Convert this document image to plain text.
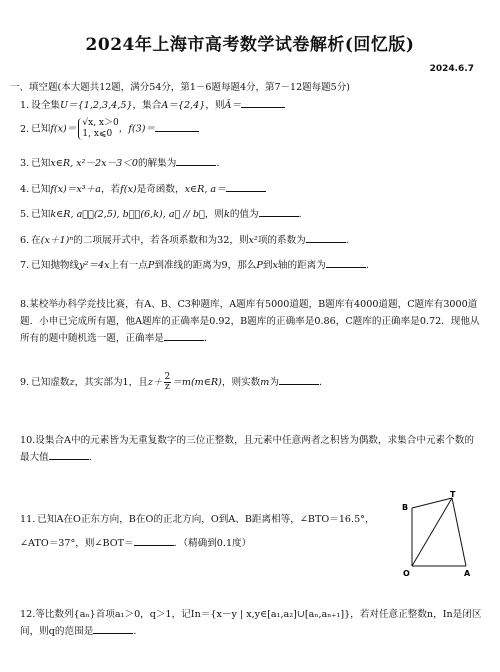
2024年上海市高考数学试卷解析(回忆版)
2024.6.7
一、填空题(本大题共12题，满分54分，第1－6题每题4分，第7－12题每题5分)
1. 设全集U＝{1,2,3,4,5}，集合A＝{2,4}，则Ā＝
2. 已知f(x)＝
√x, x＞0
1, x⩽0 ，f(3)＝
3. 已知x∈R, x²－2x－3＜0的解集为	．
4. 已知f(x)＝x³＋a，若f(x)是奇函数，x∈R, a＝
5. 已知k∈R, a⃗＝(2,5), b⃗＝(6,k), a⃗ // b⃗，则k的值为	．
6. 在(x＋1)ⁿ的二项展开式中，若各项系数和为32，则x²项的系数为	．
7. 已知抛物线y²＝4x上有一点P到准线的距离为9，那么P到x轴的距离为	．
8.某校举办科学竞技比赛，有A、B、C3种题库，A题库有5000道题，B题库有4000道题，C题库有3000道题．小申已完成所有题，他A题库的正确率是0.92，B题库的正确率是0.86，C题库的正确率是0.72．现他从所有的题中随机选一题，正确率是	．
9. 已知虚数z，其实部为1，且$z+ \frac{2}{z}$ ＝m(m∈R)，则实数m为	．
10.设集合A中的元素皆为无重复数字的三位正整数，且元素中任意两者之积皆为偶数，求集合中元素个数的最大值	．
11. 已知A在O正东方向，B在O的正北方向，O到A、B距离相等，∠BTO＝16.5°，
∠ATO＝37°，则∠BOT＝	．（精确到0.1度）
B
T
O	A
12.等比数列{aₙ}首项a₁＞0，q＞1，记In＝{x－y | x,y∈[a₁,a₂]∪[aₙ,aₙ₊₁]}，若对任意正整数n，In是闭区间，则q的范围是	．
